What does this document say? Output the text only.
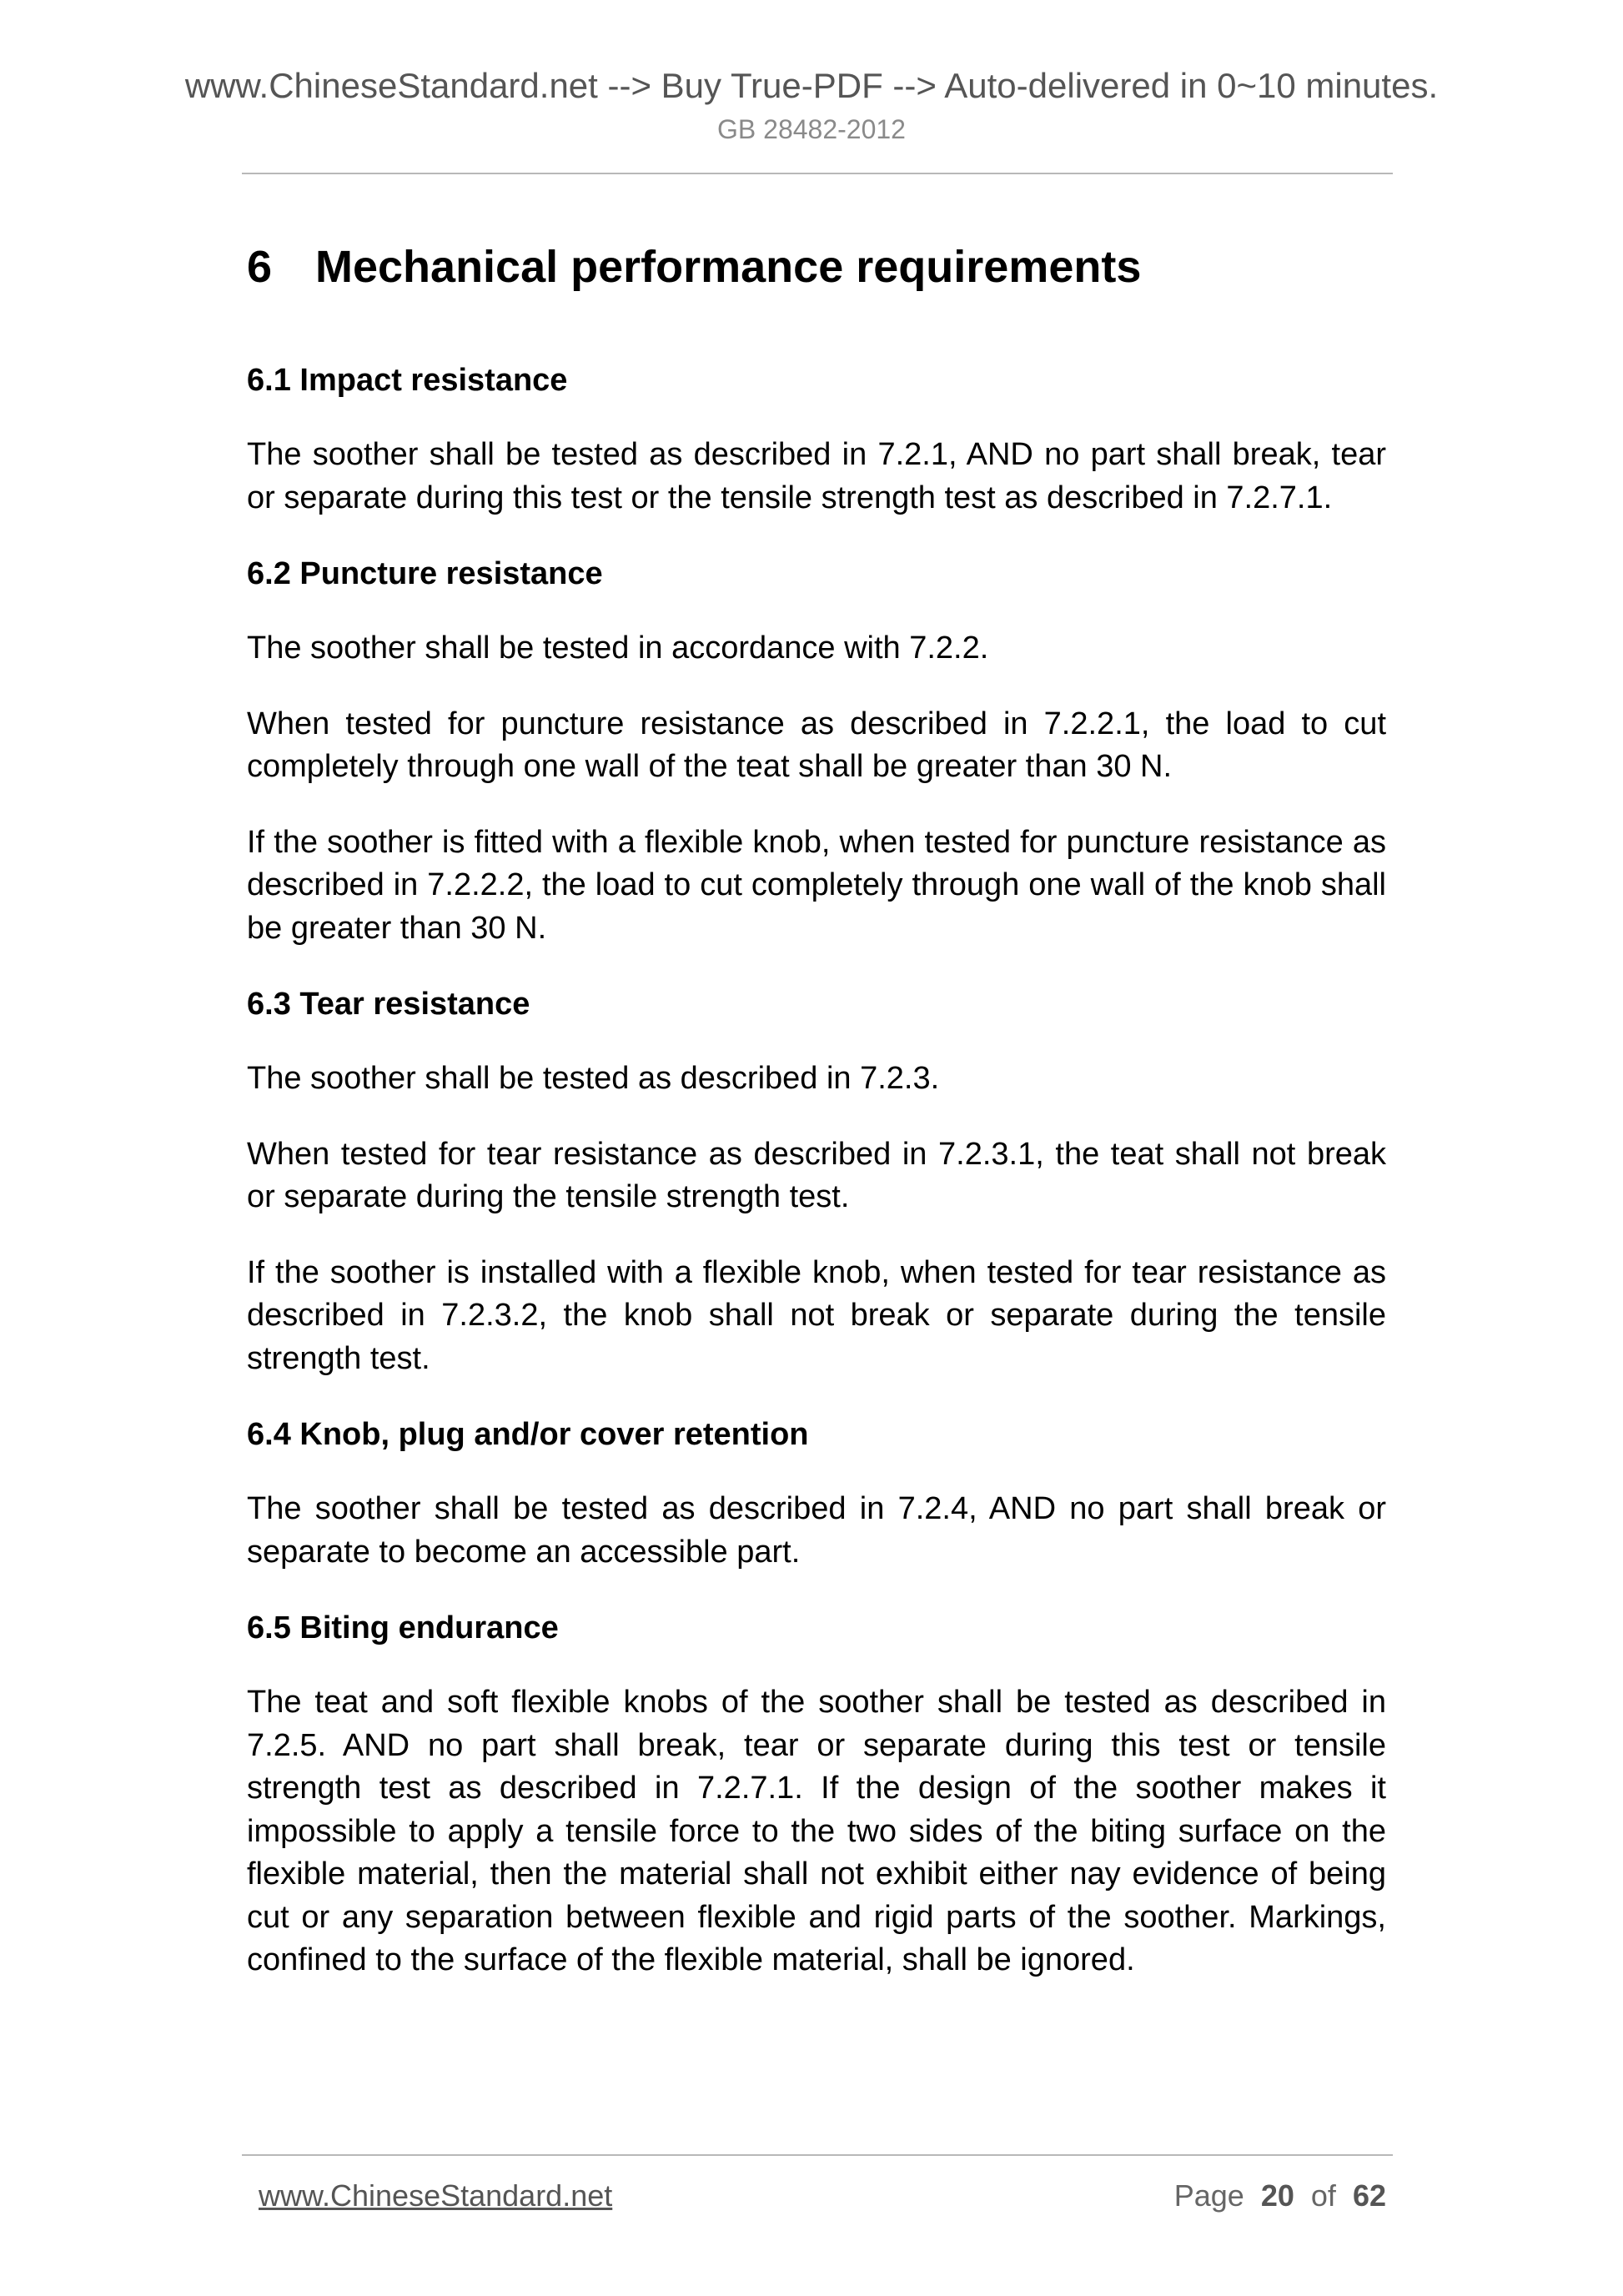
www.ChineseStandard.net --> Buy True-PDF --> Auto-delivered in 0~10 minutes.
GB 28482-2012
6 Mechanical performance requirements
6.1 Impact resistance
The soother shall be tested as described in 7.2.1, AND no part shall break, tear or separate during this test or the tensile strength test as described in 7.2.7.1.
6.2 Puncture resistance
The soother shall be tested in accordance with 7.2.2.
When tested for puncture resistance as described in 7.2.2.1, the load to cut completely through one wall of the teat shall be greater than 30 N.
If the soother is fitted with a flexible knob, when tested for puncture resistance as described in 7.2.2.2, the load to cut completely through one wall of the knob shall be greater than 30 N.
6.3 Tear resistance
The soother shall be tested as described in 7.2.3.
When tested for tear resistance as described in 7.2.3.1, the teat shall not break or separate during the tensile strength test.
If the soother is installed with a flexible knob, when tested for tear resistance as described in 7.2.3.2, the knob shall not break or separate during the tensile strength test.
6.4 Knob, plug and/or cover retention
The soother shall be tested as described in 7.2.4, AND no part shall break or separate to become an accessible part.
6.5 Biting endurance
The teat and soft flexible knobs of the soother shall be tested as described in 7.2.5. AND no part shall break, tear or separate during this test or tensile strength test as described in 7.2.7.1. If the design of the soother makes it impossible to apply a tensile force to the two sides of the biting surface on the flexible material, then the material shall not exhibit either nay evidence of being cut or any separation between flexible and rigid parts of the soother. Markings, confined to the surface of the flexible material, shall be ignored.
www.ChineseStandard.net	Page 20 of 62
